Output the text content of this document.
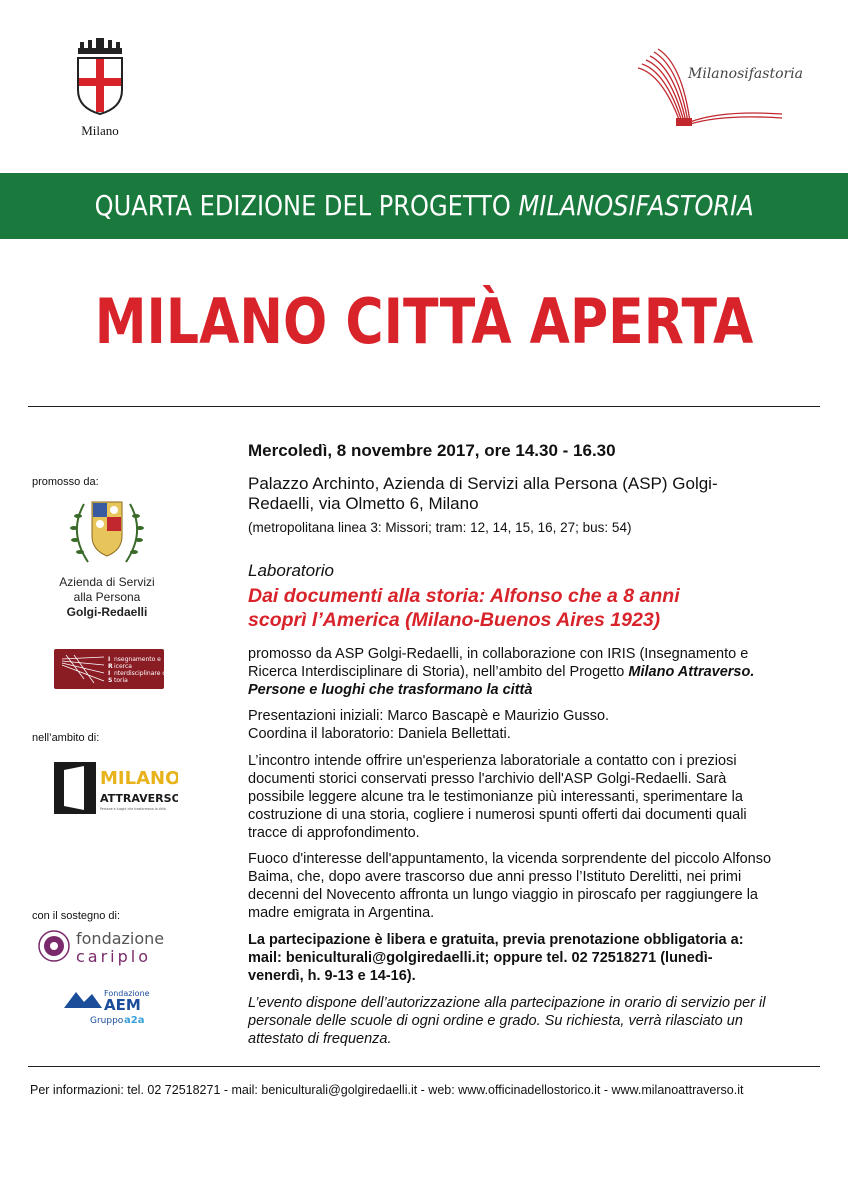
Milano
Milanosifastoria
QUARTA EDIZIONE DEL PROGETTO MILANOSIFASTORIA
MILANO CITTÀ APERTA
promosso da:
Azienda di Servizi
alla Persona
Golgi-Redaelli
I nsegnamento e
R icerca
I nterdisciplinare di
S toria
nell’ambito di:
MILANO
ATTRAVERSO
Persone e luoghi che trasformano la città
con il sostegno di:
fondazione
cariplo
Fondazione
AEM
Gruppo a2a
Mercoledì, 8 novembre 2017, ore 14.30 - 16.30
Palazzo Archinto, Azienda di Servizi alla Persona (ASP) Golgi-
Redaelli, via Olmetto 6, Milano
(metropolitana linea 3: Missori; tram: 12, 14, 15, 16, 27; bus: 54)
Laboratorio
Dai documenti alla storia: Alfonso che a 8 anni
scoprì l’America (Milano-Buenos Aires 1923)
promosso da ASP Golgi-Redaelli, in collaborazione con IRIS (Insegnamento e
Ricerca Interdisciplinare di Storia), nell’ambito del Progetto Milano Attraverso.
Persone e luoghi che trasformano la città
Presentazioni iniziali: Marco Bascapè e Maurizio Gusso.
Coordina il laboratorio: Daniela Bellettati.
L’incontro intende offrire un'esperienza laboratoriale a contatto con i preziosi
documenti storici conservati presso l'archivio dell'ASP Golgi-Redaelli. Sarà
possibile leggere alcune tra le testimonianze più interessanti, sperimentare la
costruzione di una storia, cogliere i numerosi spunti offerti dai documenti quali
tracce di approfondimento.
Fuoco d'interesse dell'appuntamento, la vicenda sorprendente del piccolo Alfonso
Baima, che, dopo avere trascorso due anni presso l’Istituto Derelitti, nei primi
decenni del Novecento affronta un lungo viaggio in piroscafo per raggiungere la
madre emigrata in Argentina.
La partecipazione è libera e gratuita, previa prenotazione obbligatoria a:
mail: beniculturali@golgiredaelli.it; oppure tel. 02 72518271 (lunedì-
venerdì, h. 9-13 e 14-16).
L’evento dispone dell’autorizzazione alla partecipazione in orario di servizio per il
personale delle scuole di ogni ordine e grado. Su richiesta, verrà rilasciato un
attestato di frequenza.
Per informazioni: tel. 02 72518271 - mail: beniculturali@golgiredaelli.it - web: www.officinadellostorico.it - www.milanoattraverso.it
